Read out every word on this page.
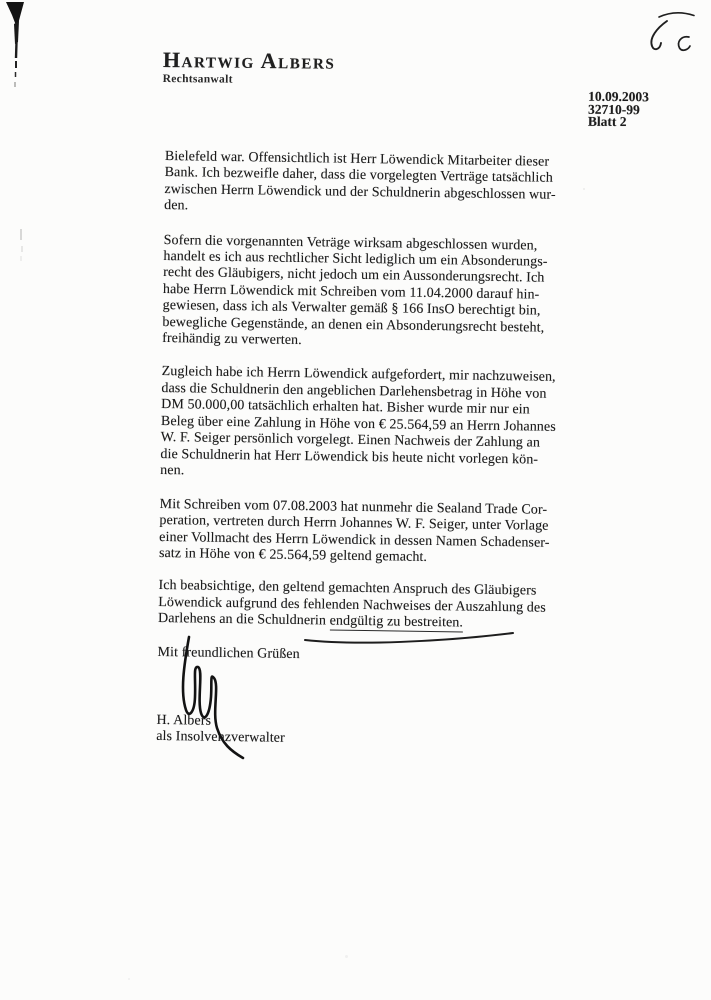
Hartwig Albers
Rechtsanwalt
10.09.2003
32710-99
Blatt 2
Bielefeld war. Offensichtlich ist Herr Löwendick Mitarbeiter dieser
Bank. Ich bezweifle daher, dass die vorgelegten Verträge tatsächlich
zwischen Herrn Löwendick und der Schuldnerin abgeschlossen wur-
den.
Sofern die vorgenannten Veträge wirksam abgeschlossen wurden,
handelt es ich aus rechtlicher Sicht lediglich um ein Absonderungs-
recht des Gläubigers, nicht jedoch um ein Aussonderungsrecht. Ich
habe Herrn Löwendick mit Schreiben vom 11.04.2000 darauf hin-
gewiesen, dass ich als Verwalter gemäß § 166 InsO berechtigt bin,
bewegliche Gegenstände, an denen ein Absonderungsrecht besteht,
freihändig zu verwerten.
Zugleich habe ich Herrn Löwendick aufgefordert, mir nachzuweisen,
dass die Schuldnerin den angeblichen Darlehensbetrag in Höhe von
DM 50.000,00 tatsächlich erhalten hat. Bisher wurde mir nur ein
Beleg über eine Zahlung in Höhe von € 25.564,59 an Herrn Johannes
W. F. Seiger persönlich vorgelegt. Einen Nachweis der Zahlung an
die Schuldnerin hat Herr Löwendick bis heute nicht vorlegen kön-
nen.
Mit Schreiben vom 07.08.2003 hat nunmehr die Sealand Trade Cor-
peration, vertreten durch Herrn Johannes W. F. Seiger, unter Vorlage
einer Vollmacht des Herrn Löwendick in dessen Namen Schadenser-
satz in Höhe von € 25.564,59 geltend gemacht.
Ich beabsichtige, den geltend gemachten Anspruch des Gläubigers
Löwendick aufgrund des fehlenden Nachweises der Auszahlung des
Darlehens an die Schuldnerin endgültig zu bestreiten.
Mit freundlichen Grüßen
H. Albers
als Insolvenzverwalter
